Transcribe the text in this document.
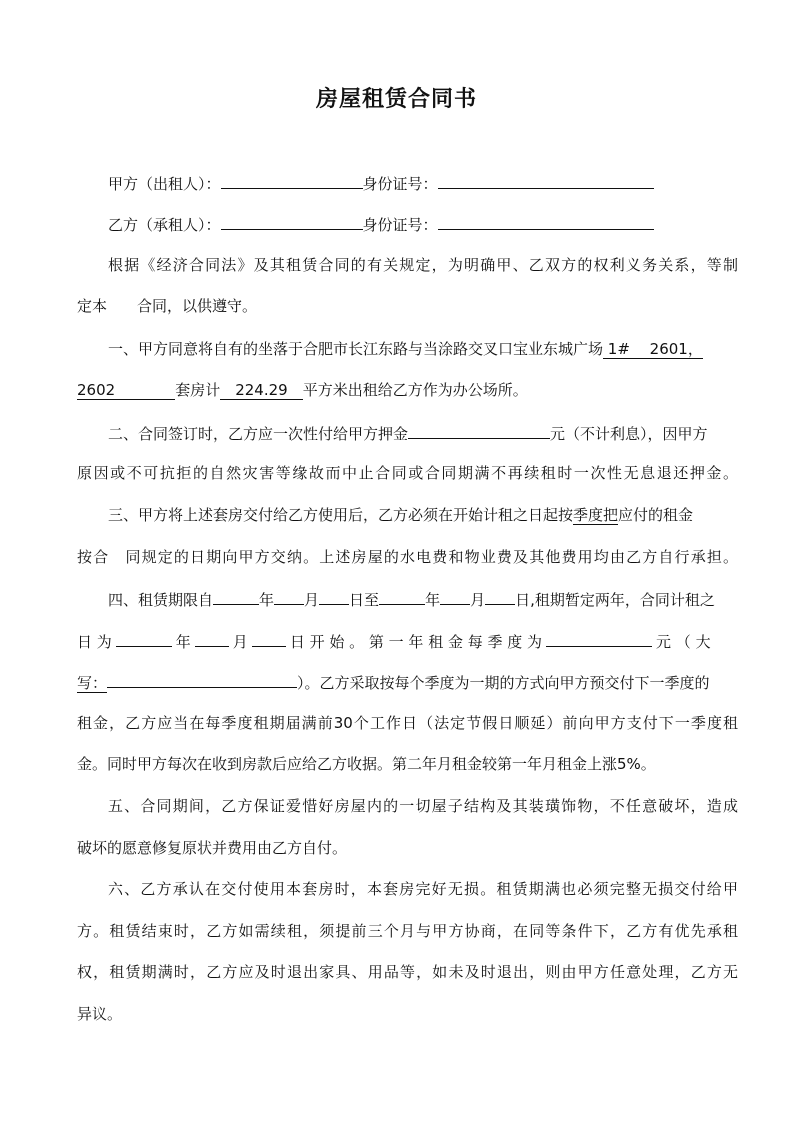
房屋租赁合同书
甲方（出租人）：	身份证号：
乙方（承租人）：	身份证号：
根据《经济合同法》及其租赁合同的有关规定，为明确甲、乙双方的权利义务关系，等制
定本　　合同，以供遵守。
一、甲方同意将自有的坐落于合肥市长江东路与当涂路交叉口宝业东城广场 1#　 2601，
2602　　　　套房计　224.29　平方米出租给乙方作为办公场所。
二、合同签订时，乙方应一次性付给甲方押金	元（不计利息），因甲方
原因或不可抗拒的自然灾害等缘故而中止合同或合同期满不再续租时一次性无息退还押金。
三、甲方将上述套房交付给乙方使用后，乙方必须在开始计租之日起按季度把应付的租金
按合　同规定的日期向甲方交纳。上述房屋的水电费和物业费及其他费用均由乙方自行承担。
四、租赁期限自	年 月 日至	年 月 日,租期暂定两年，合同计租之
日 为	年	月	日 开 始 。 第 一 年 租 金 每 季 度 为	元 （ 大
写：	）。乙方采取按每个季度为一期的方式向甲方预交付下一季度的
租金，乙方应当在每季度租期届满前30个工作日（法定节假日顺延）前向甲方支付下一季度租
金。同时甲方每次在收到房款后应给乙方收据。第二年月租金较第一年月租金上涨5%。
五、合同期间，乙方保证爱惜好房屋内的一切屋子结构及其装璜饰物，不任意破坏，造成
破坏的愿意修复原状并费用由乙方自付。
六、乙方承认在交付使用本套房时，本套房完好无损。租赁期满也必须完整无损交付给甲
方。租赁结束时，乙方如需续租，须提前三个月与甲方协商，在同等条件下，乙方有优先承租
权，租赁期满时，乙方应及时退出家具、用品等，如未及时退出，则由甲方任意处理，乙方无
异议。
